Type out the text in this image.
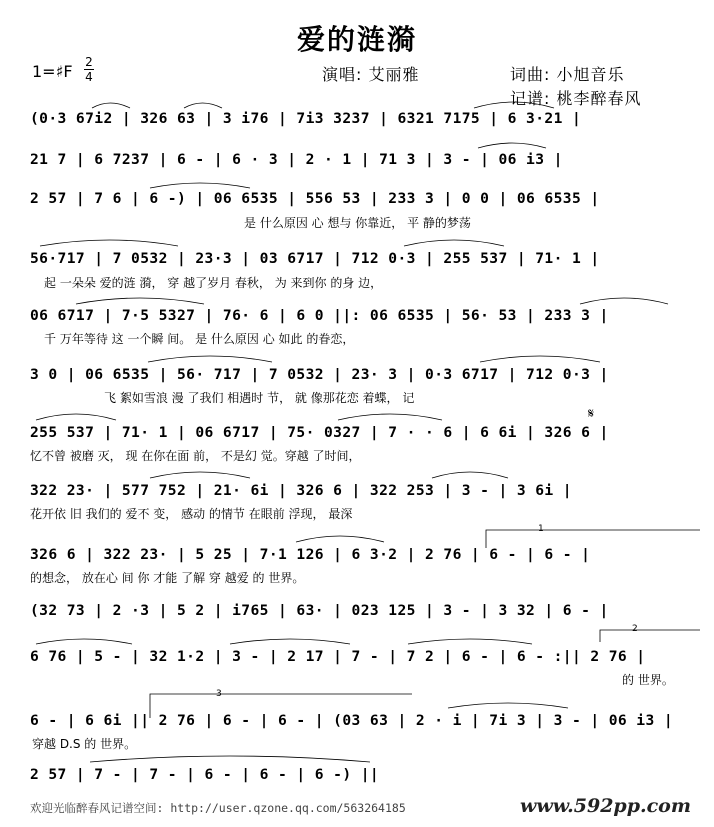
爱的涟漪
1=♯F 2
4	演唱: 艾丽雅	词曲: 小旭音乐
记谱: 桃李醉春风
(0·3 67i2 | 326 63 | 3 i76 | 7i3 3237 | 6321 7175 | 6 3·21 |
21 7 | 6 7237 | 6 - | 6 · 3 | 2 · 1 | 71 3 | 3 - | 06 i3 |
2 57 | 7 6 | 6 -) | 06 6535 | 556 53 | 233 3 | 0 0 | 06 6535 |
是 什么原因 心 想与 你靠近， 平 静的梦荡
56·717 | 7 0532 | 23·3 | 03 6717 | 712 0·3 | 255 537 | 71· 1 |
起 一朵朵 爱的涟 漪， 穿 越了岁月 春秋， 为 来到你 的身 边，
06 6717 | 7·5 5327 | 76· 6 | 6 0 ||: 06 6535 | 56· 53 | 233 3 |
千 万年等待 这 一个瞬 间。 是 什么原因 心 如此 的眷恋，
3 0 | 06 6535 | 56· 717 | 7 0532 | 23· 3 | 0·3 6717 | 712 0·3 |
飞 絮如雪浪 漫 了我们 相遇时 节， 就 像那花恋 着蝶， 记
255 537 | 71· 1 | 06 6717 | 75· 0327 | 7 · · 6 | 6 6i | 326 6 |
忆不曾 被磨 灭， 现 在你在面 前， 不是幻 觉。穿越 了时间，
322 23· | 577 752 | 21· 6i | 326 6 | 322 253 | 3 - | 3 6i |
花开依 旧 我们的 爱不 变， 感动 的情节 在眼前 浮现， 最深
326 6 | 322 23· | 5 25 | 7·1 126 | 6 3·2 | 2 76 | 6 - | 6 - |
的想念， 放在心 间 你 才能 了解 穿 越爱 的 世界。
(32 73 | 2 ·3 | 5 2 | i765 | 63· | 023 125 | 3 - | 3 32 | 6 - |
6 76 | 5 - | 32 1·2 | 3 - | 2 17 | 7 - | 7 2 | 6 - | 6 - :|| 2 76 |
的 世界。
6 - | 6 6i || 2 76 | 6 - | 6 - | (03 63 | 2 · i | 7i 3 | 3 - | 06 i3 |
穿越 D.S 的 世界。
2 57 | 7 - | 7 - | 6 - | 6 - | 6 -) ||
1
2
3
𝄋
欢迎光临醉春风记谱空间: http://user.qzone.qq.com/563264185	www.592pp.com
